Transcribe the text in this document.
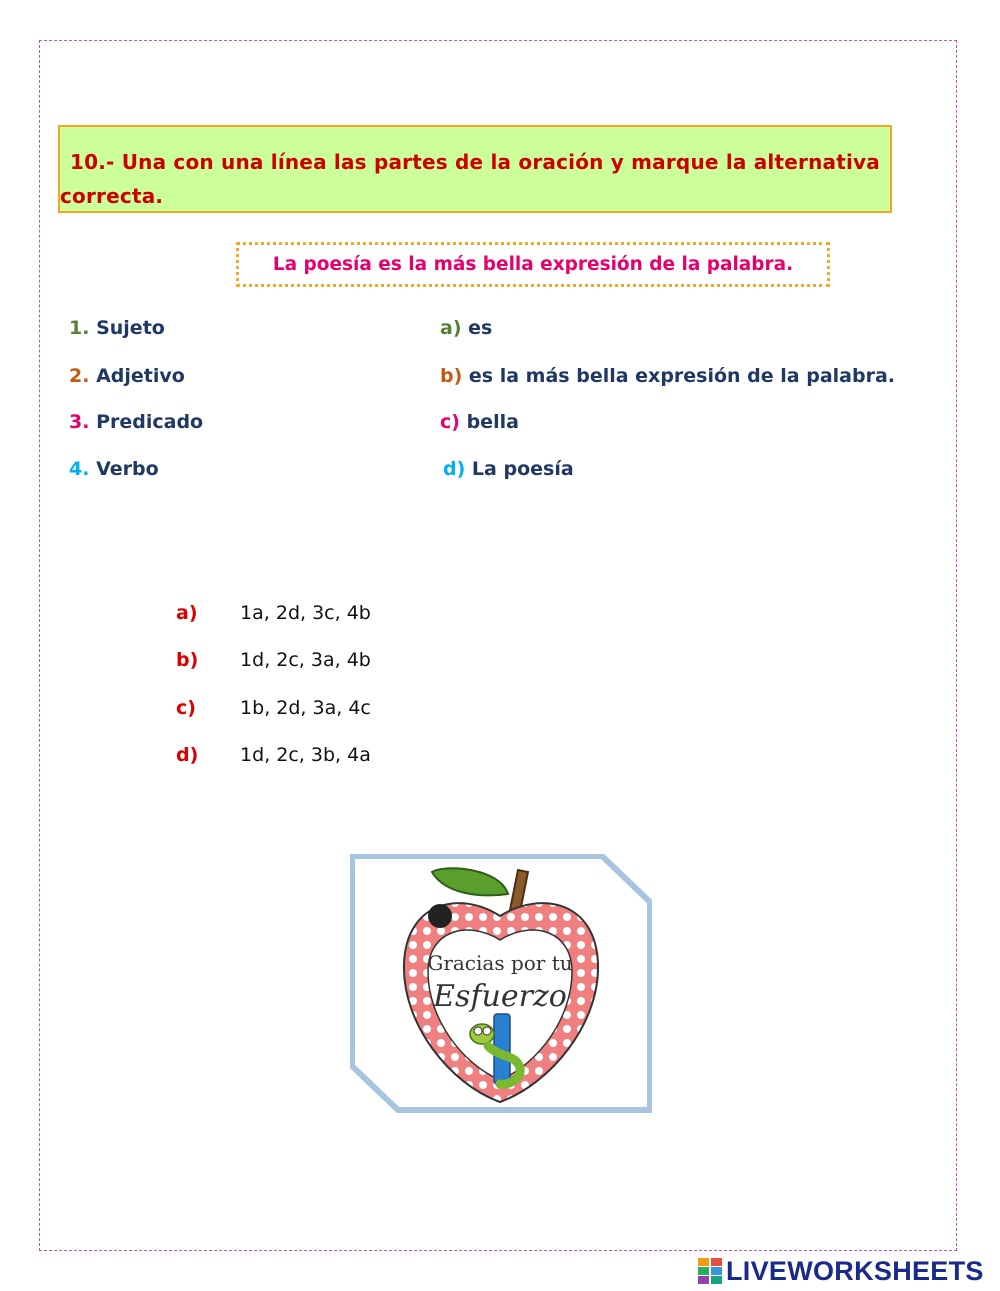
10.- Una con una línea las partes de la oración y marque la alternativa
correcta.
La poesía es la más bella expresión de la palabra.
1. Sujeto
2. Adjetivo
3. Predicado
4. Verbo
a) es
b) es la más bella expresión de la palabra.
c) bella
d) La poesía
a) 1a, 2d, 3c, 4b
b) 1d, 2c, 3a, 4b
c) 1b, 2d, 3a, 4c
d) 1d, 2c, 3b, 4a
Gracias por tu
Esfuerzo
LIVEWORKSHEETS
